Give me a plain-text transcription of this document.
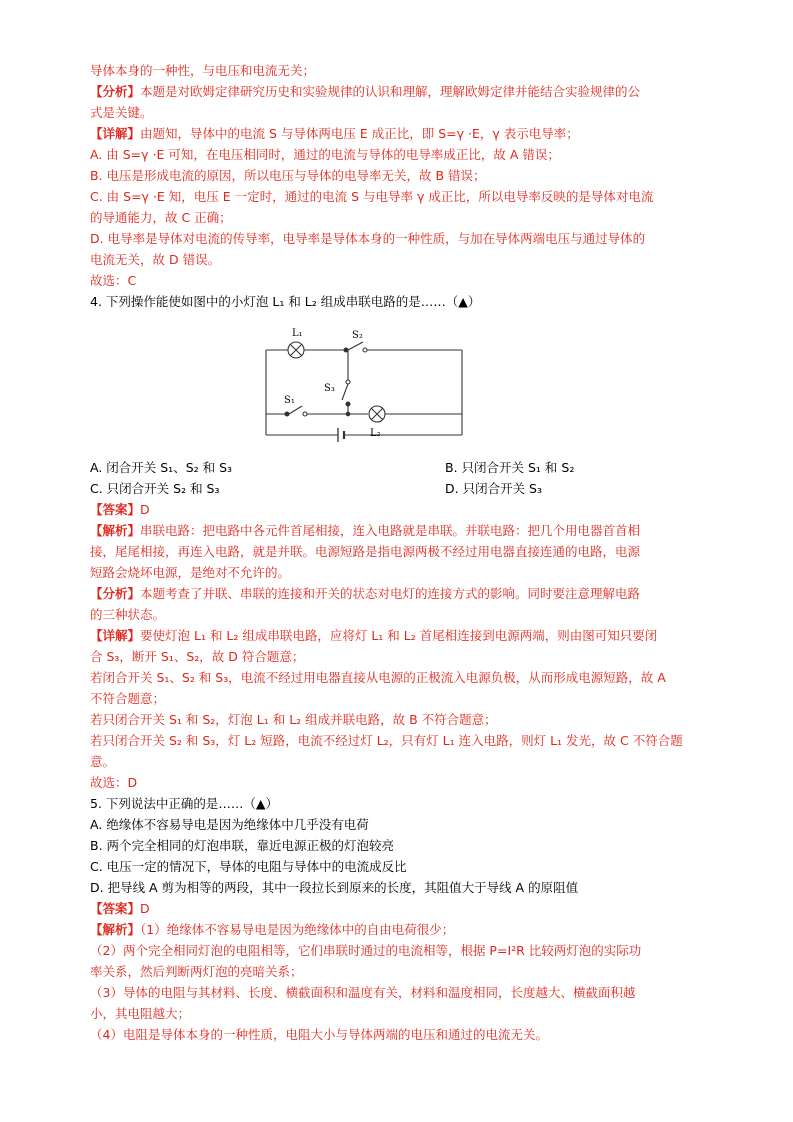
导体本身的一种性，与电压和电流无关；
【分析】本题是对欧姆定律研究历史和实验规律的认识和理解，理解欧姆定律并能结合实验规律的公
式是关键。
【详解】由题知，导体中的电流 S 与导体两电压 E 成正比，即 S=γ ·E，γ 表示电导率；
A. 由 S=γ ·E 可知，在电压相同时，通过的电流与导体的电导率成正比，故 A 错误；
B. 电压是形成电流的原因，所以电压与导体的电导率无关，故 B 错误；
C. 由 S=γ ·E 知，电压 E 一定时，通过的电流 S 与电导率 γ 成正比，所以电导率反映的是导体对电流
的导通能力，故 C 正确；
D. 电导率是导体对电流的传导率，电导率是导体本身的一种性质，与加在导体两端电压与通过导体的
电流无关，故 D 错误。
故选：C
4. 下列操作能使如图中的小灯泡 L₁ 和 L₂ 组成串联电路的是……（▲）
L₁	S₂
S₃
S₁
L₂
A. 闭合开关 S₁、S₂ 和 S₃	B. 只闭合开关 S₁ 和 S₂
C. 只闭合开关 S₂ 和 S₃	D. 只闭合开关 S₃
【答案】D
【解析】串联电路：把电路中各元件首尾相接，连入电路就是串联。并联电路：把几个用电器首首相
接，尾尾相接，再连入电路，就是并联。电源短路是指电源两极不经过用电器直接连通的电路，电源
短路会烧坏电源，是绝对不允许的。
【分析】本题考查了并联、串联的连接和开关的状态对电灯的连接方式的影响。同时要注意理解电路
的三种状态。
【详解】要使灯泡 L₁ 和 L₂ 组成串联电路，应将灯 L₁ 和 L₂ 首尾相连接到电源两端，则由图可知只要闭
合 S₃，断开 S₁、S₂，故 D 符合题意；
若闭合开关 S₁、S₂ 和 S₃，电流不经过用电器直接从电源的正极流入电源负极，从而形成电源短路，故 A
不符合题意；
若只闭合开关 S₁ 和 S₂，灯泡 L₁ 和 L₂ 组成并联电路，故 B 不符合题意；
若只闭合开关 S₂ 和 S₃，灯 L₂ 短路，电流不经过灯 L₂，只有灯 L₁ 连入电路，则灯 L₁ 发光，故 C 不符合题
意。
故选：D
5. 下列说法中正确的是……（▲）
A. 绝缘体不容易导电是因为绝缘体中几乎没有电荷
B. 两个完全相同的灯泡串联，靠近电源正极的灯泡较亮
C. 电压一定的情况下，导体的电阻与导体中的电流成反比
D. 把导线 A 剪为相等的两段，其中一段拉长到原来的长度，其阻值大于导线 A 的原阻值
【答案】D
【解析】（1）绝缘体不容易导电是因为绝缘体中的自由电荷很少；
（2）两个完全相同灯泡的电阻相等，它们串联时通过的电流相等，根据 P=I²R 比较两灯泡的实际功
率关系，然后判断两灯泡的亮暗关系；
（3）导体的电阻与其材料、长度、横截面积和温度有关，材料和温度相同，长度越大、横截面积越
小，其电阻越大；
（4）电阻是导体本身的一种性质，电阻大小与导体两端的电压和通过的电流无关。
